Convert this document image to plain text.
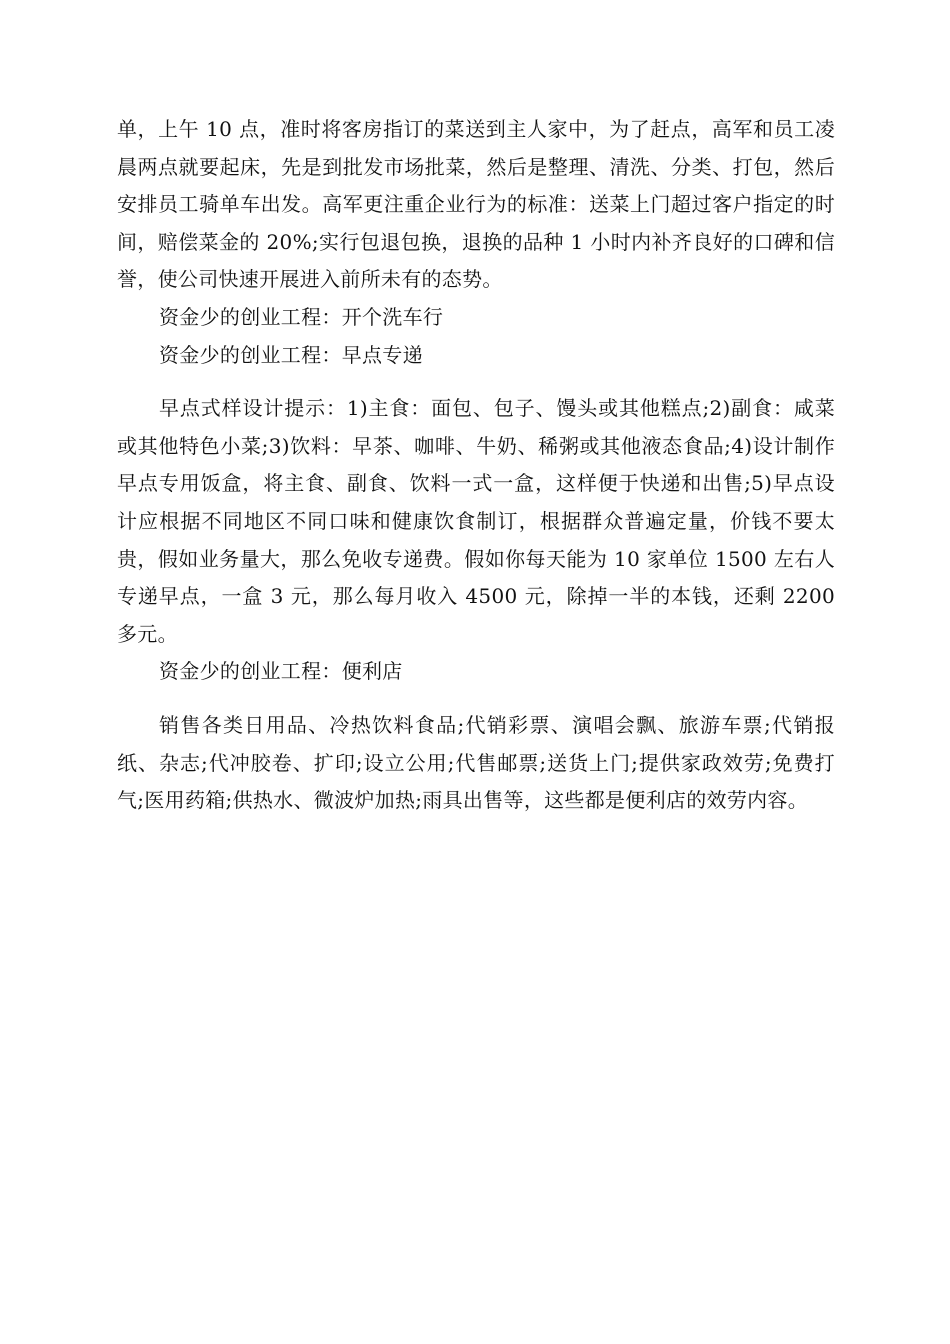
单，上午 10 点，准时将客房指订的菜送到主人家中，为了赶点，高军和员工凌晨两点就要起床，先是到批发市场批菜，然后是整理、清洗、分类、打包，然后安排员工骑单车出发。高军更注重企业行为的标准：送菜上门超过客户指定的时间，赔偿菜金的 20%;实行包退包换，退换的品种 1 小时内补齐良好的口碑和信誉，使公司快速开展进入前所未有的态势。

资金少的创业工程：开个洗车行

资金少的创业工程：早点专递

早点式样设计提示：1)主食：面包、包子、馒头或其他糕点;2)副食：咸菜或其他特色小菜;3)饮料：早茶、咖啡、牛奶、稀粥或其他液态食品;4)设计制作早点专用饭盒，将主食、副食、饮料一式一盒，这样便于快递和出售;5)早点设计应根据不同地区不同口味和健康饮食制订，根据群众普遍定量，价钱不要太贵，假如业务量大，那么免收专递费。假如你每天能为 10 家单位 1500 左右人专递早点，一盒 3 元，那么每月收入 4500 元，除掉一半的本钱，还剩 2200 多元。

资金少的创业工程：便利店

销售各类日用品、冷热饮料食品;代销彩票、演唱会飘、旅游车票;代销报纸、杂志;代冲胶卷、扩印;设立公用;代售邮票;送货上门;提供家政效劳;免费打气;医用药箱;供热水、微波炉加热;雨具出售等，这些都是便利店的效劳内容。
